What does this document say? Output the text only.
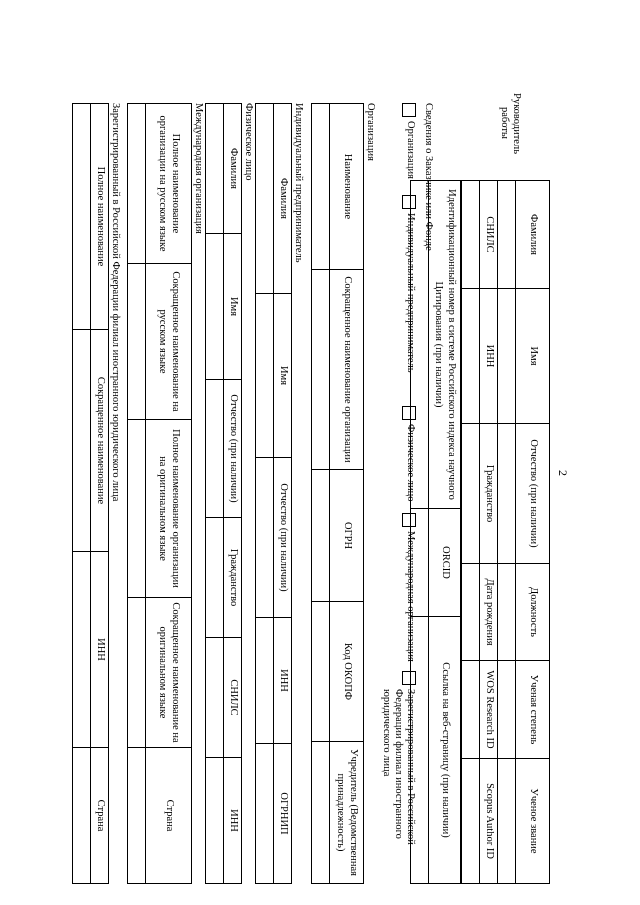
2
Руководитель работы
Фамилия	Имя	Отчество (при наличии)	Должность	Ученая степень	Ученое звание

СНИЛС	ИНН	Гражданство	Дата рождения	WOS Research ID	Scopus Author ID

Идентификационный номер в системе Российского индекса научного Цитирования (при наличии)	ORCID	Ссылка на веб-страницу (при наличии)

Сведения о Заказчике или Фонде
Организация
Индивидуальный предприниматель
Физическое лицо
Международная организация
Зарегистрированный в Российской Федерации филиал иностранного юридического лица
Организация
Наименование	Сокращенное наименование организации	ОГРН	Код ОКОПФ	Учредитель (Ведомственная принадлежность)

Индивидуальный предприниматель
Фамилия	Имя	Отчество (при наличии)	ИНН	ОГРНИП

Физическое лицо
Фамилия	Имя	Отчество (при наличии)	Гражданство	СНИЛС	ИНН

Международная организация
Полное наименование организации на русском языке	Сокращенное наименование на русском языке	Полное наименование организации на оригинальном языке	Сокращенное наименование на оригинальном языке	Страна

Зарегистрированный в Российской Федерации филиал иностранного юридического лица
Полное наименование	Сокращенное наименование	ИНН	Страна
